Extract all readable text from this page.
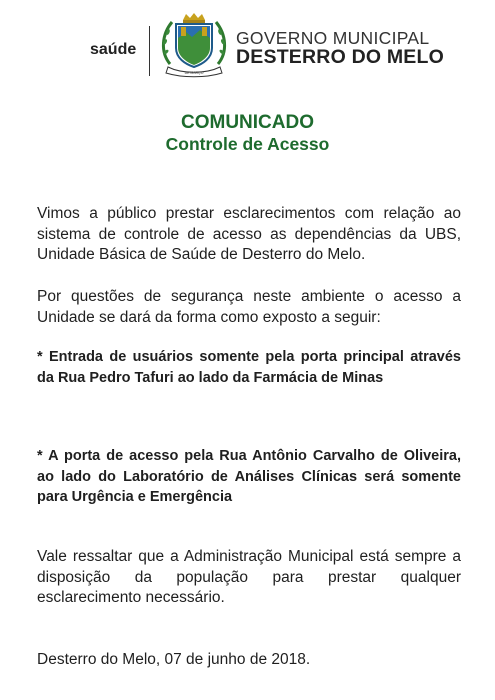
saúde
DE MARÇO
GOVERNO MUNICIPAL
DESTERRO DO MELO
COMUNICADO
Controle de Acesso
Vimos a público prestar esclarecimentos com relação ao sistema de controle de acesso as dependências da UBS, Unidade Básica de Saúde de Desterro do Melo.
Por questões de segurança neste ambiente o acesso a Unidade se dará da forma como exposto a seguir:
* Entrada de usuários somente pela porta principal através da Rua Pedro Tafuri ao lado da Farmácia de Minas
* A porta de acesso pela Rua Antônio Carvalho de Oliveira, ao lado do Laboratório de Análises Clínicas será somente para Urgência e Emergência
Vale ressaltar que a Administração Municipal está sempre a disposição da população para prestar qualquer esclarecimento necessário.
Desterro do Melo, 07 de junho de 2018.
